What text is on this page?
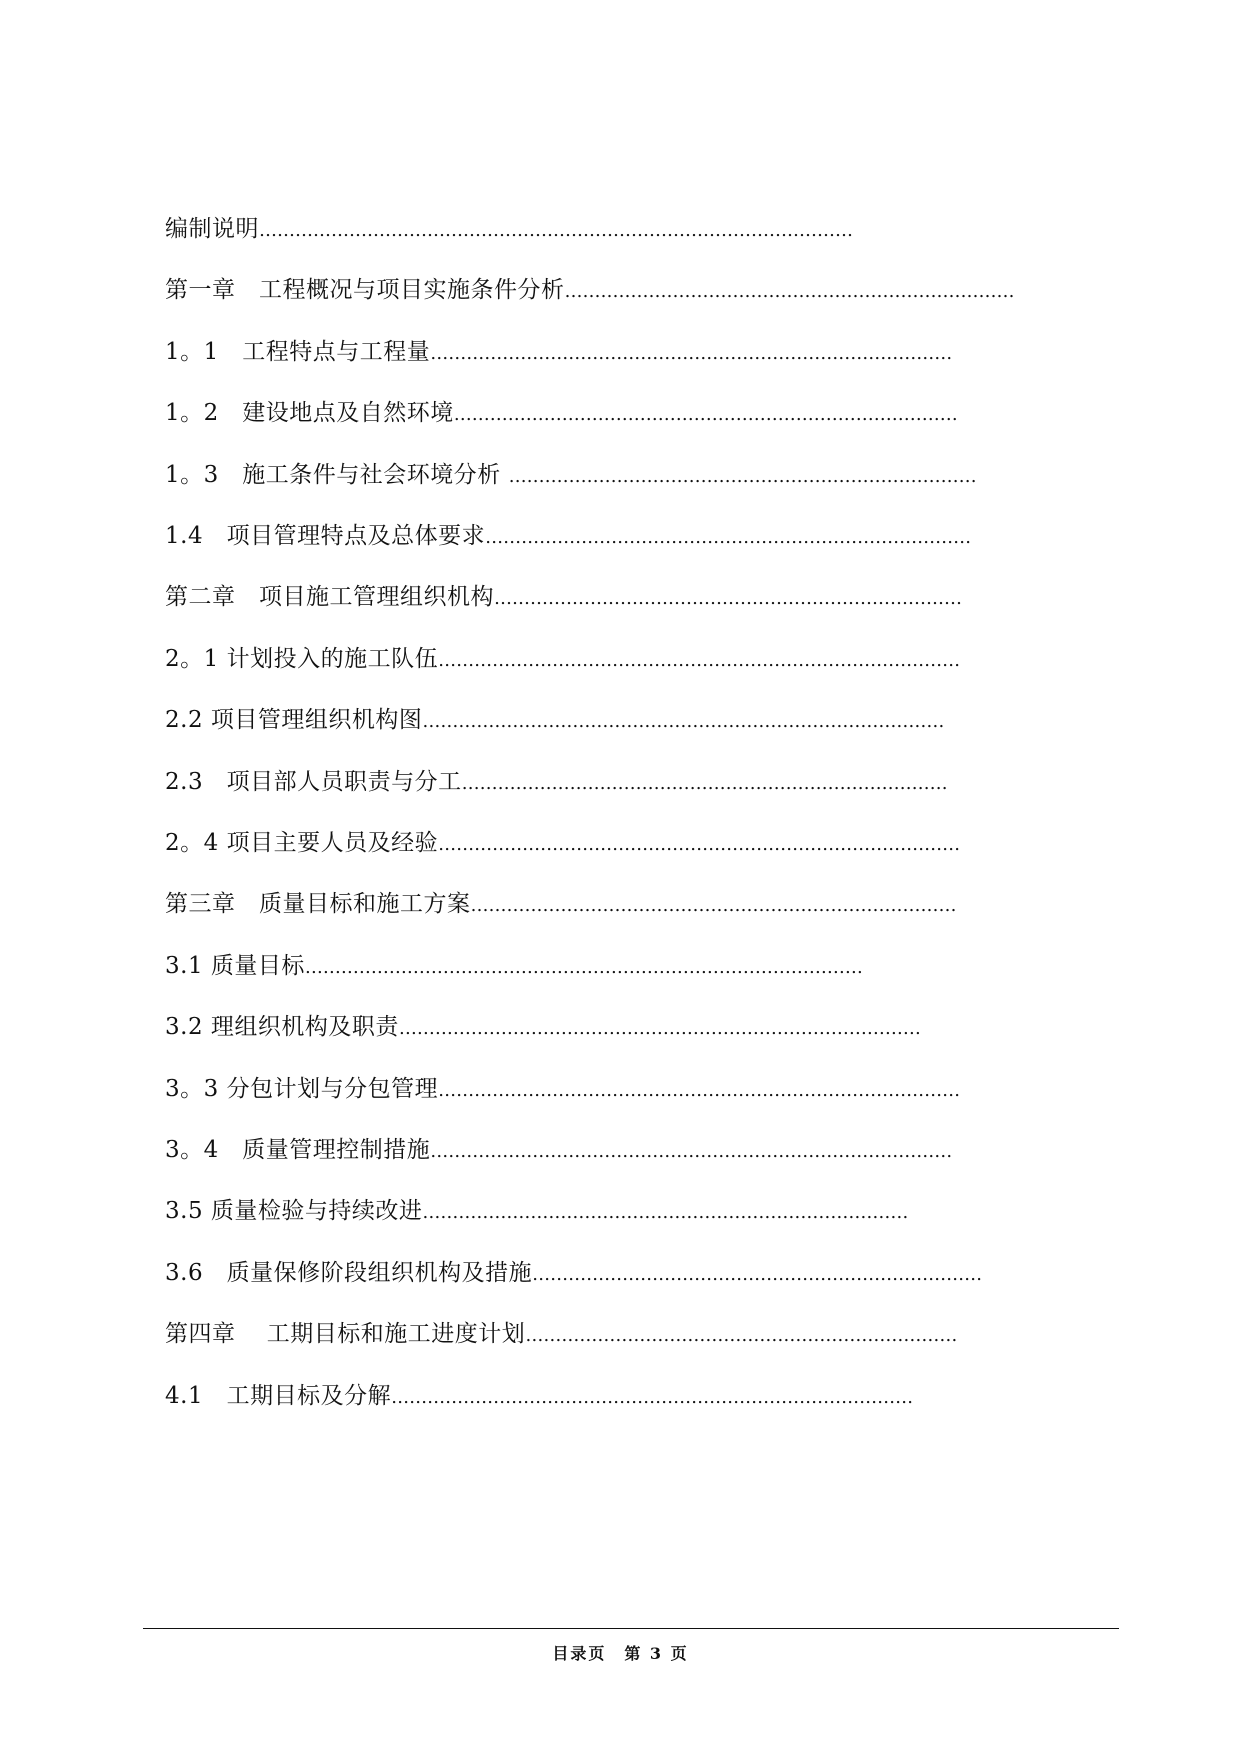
编制说明………………………………………………………………………………………
第一章　工程概况与项目实施条件分析…………………………………………………………………
1。1　工程特点与工程量……………………………………………………………………………
1。2　建设地点及自然环境…………………………………………………………………………
1。3　施工条件与社会环境分析 ……………………………………………………………………
1.4　项目管理特点及总体要求………………………………………………………………………
第二章　项目施工管理组织机构……………………………………………………………………
2。1 计划投入的施工队伍……………………………………………………………………………
2.2 项目管理组织机构图……………………………………………………………………………
2.3　项目部人员职责与分工………………………………………………………………………
2。4 项目主要人员及经验……………………………………………………………………………
第三章　质量目标和施工方案………………………………………………………………………
3.1 质量目标…………………………………………………………………………………
3.2 理组织机构及职责……………………………………………………………………………
3。3 分包计划与分包管理……………………………………………………………………………
3。4　质量管理控制措施……………………………………………………………………………
3.5 质量检验与持续改进………………………………………………………………………
3.6　质量保修阶段组织机构及措施…………………………………………………………………
第四章　 工期目标和施工进度计划………………………………………………………………
4.1　工期目标及分解……………………………………………………………………………
目录页　第 3 页
